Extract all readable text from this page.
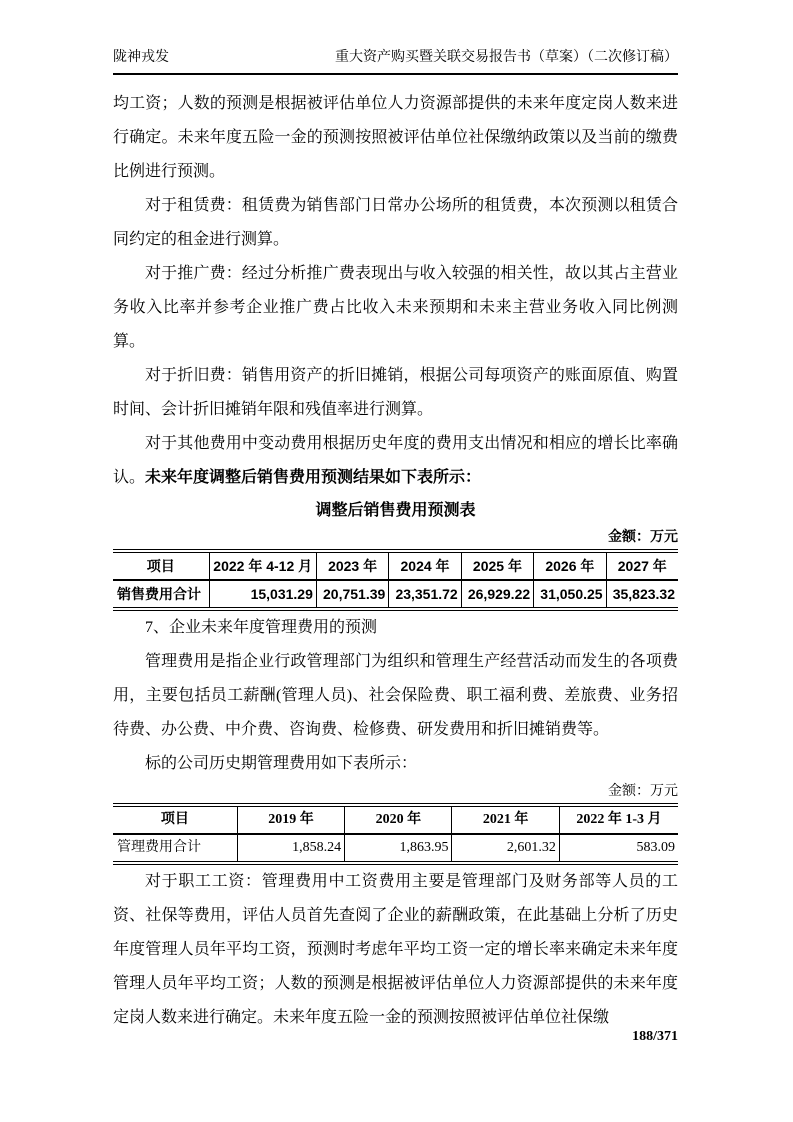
陇神戎发	重大资产购买暨关联交易报告书（草案）（二次修订稿）

均工资；人数的预测是根据被评估单位人力资源部提供的未来年度定岗人数来进行确定。未来年度五险一金的预测按照被评估单位社保缴纳政策以及当前的缴费比例进行预测。

对于租赁费：租赁费为销售部门日常办公场所的租赁费，本次预测以租赁合同约定的租金进行测算。

对于推广费：经过分析推广费表现出与收入较强的相关性，故以其占主营业务收入比率并参考企业推广费占比收入未来预期和未来主营业务收入同比例测算。

对于折旧费：销售用资产的折旧摊销，根据公司每项资产的账面原值、购置时间、会计折旧摊销年限和残值率进行测算。

对于其他费用中变动费用根据历史年度的费用支出情况和相应的增长比率确认。未来年度调整后销售费用预测结果如下表所示：

调整后销售费用预测表
金额：万元
项目	2022 年 4-12 月	2023 年	2024 年	2025 年	2026 年	2027 年
销售费用合计	15,031.29	20,751.39	23,351.72	26,929.22	31,050.25	35,823.32

7、企业未来年度管理费用的预测

管理费用是指企业行政管理部门为组织和管理生产经营活动而发生的各项费用，主要包括员工薪酬(管理人员)、社会保险费、职工福利费、差旅费、业务招待费、办公费、中介费、咨询费、检修费、研发费用和折旧摊销费等。

标的公司历史期管理费用如下表所示：

金额：万元
项目	2019 年	2020 年	2021 年	2022 年 1-3 月
管理费用合计	1,858.24	1,863.95	2,601.32	583.09

对于职工工资：管理费用中工资费用主要是管理部门及财务部等人员的工资、社保等费用，评估人员首先查阅了企业的薪酬政策，在此基础上分析了历史年度管理人员年平均工资，预测时考虑年平均工资一定的增长率来确定未来年度管理人员年平均工资；人数的预测是根据被评估单位人力资源部提供的未来年度定岗人数来进行确定。未来年度五险一金的预测按照被评估单位社保缴

188/371
